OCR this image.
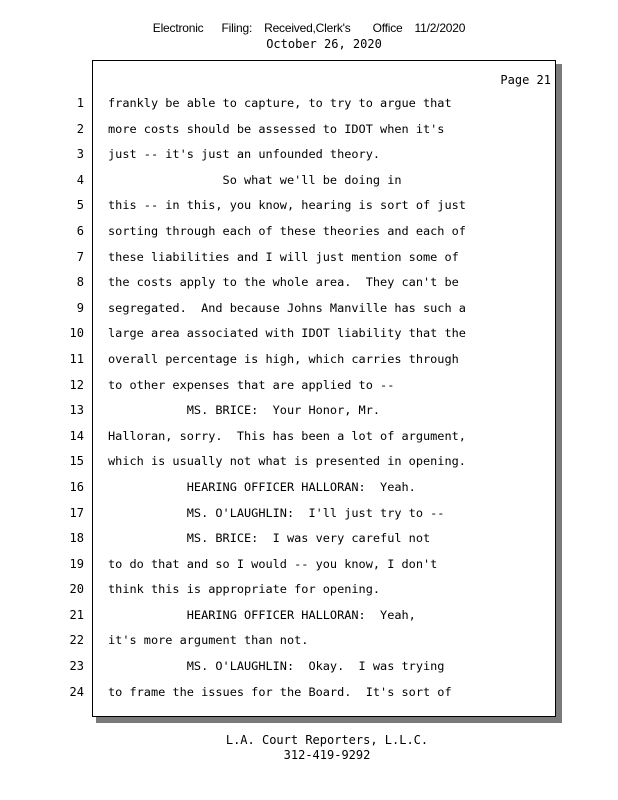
Electronic Filing: Received,Clerk's Office 11/2/2020
October 26, 2020
Page 21
1
2
3
4
5
6
7
8
9
10
11
12
13
14
15
16
17
18
19
20
21
22
23
24
frankly be able to capture, to try to argue that
more costs should be assessed to IDOT when it's
just -- it's just an unfounded theory.
So what we'll be doing in
this -- in this, you know, hearing is sort of just
sorting through each of these theories and each of
these liabilities and I will just mention some of
the costs apply to the whole area.  They can't be
segregated.  And because Johns Manville has such a
large area associated with IDOT liability that the
overall percentage is high, which carries through
to other expenses that are applied to --
MS. BRICE:  Your Honor, Mr.
Halloran, sorry.  This has been a lot of argument,
which is usually not what is presented in opening.
HEARING OFFICER HALLORAN:  Yeah.
MS. O'LAUGHLIN:  I'll just try to --
MS. BRICE:  I was very careful not
to do that and so I would -- you know, I don't
think this is appropriate for opening.
HEARING OFFICER HALLORAN:  Yeah,
it's more argument than not.
MS. O'LAUGHLIN:  Okay.  I was trying
to frame the issues for the Board.  It's sort of
L.A. Court Reporters, L.L.C.
312-419-9292
